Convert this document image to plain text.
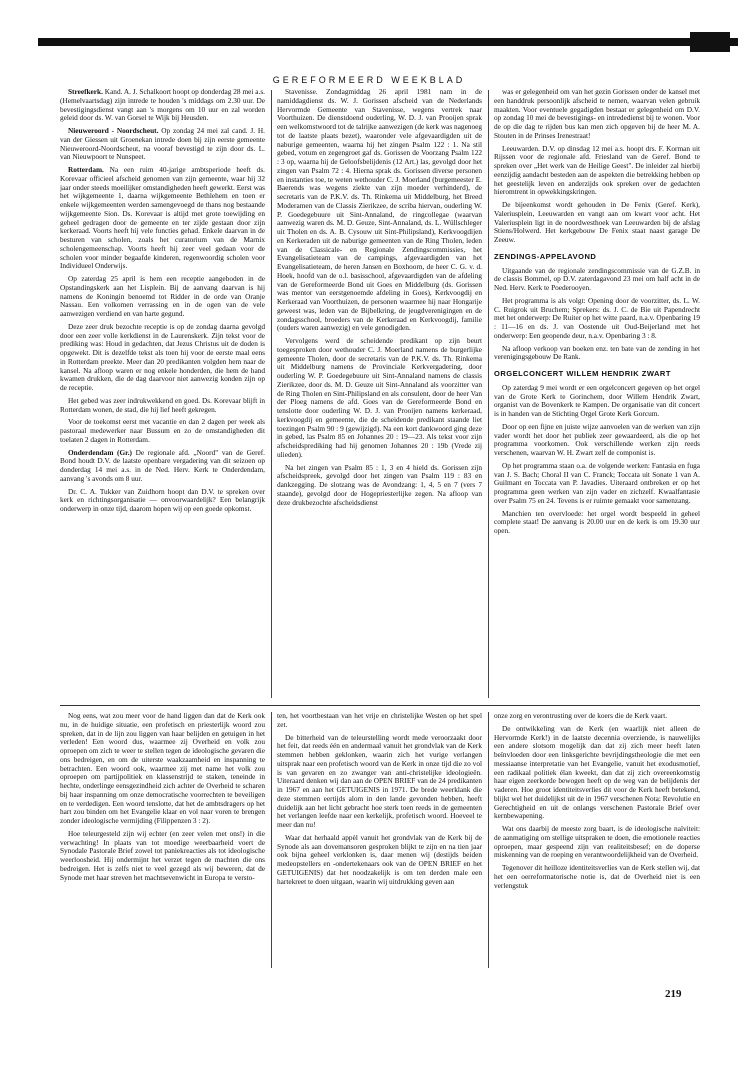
GEREFORMEERD WEEKBLAD

Streefkerk. Kand. A. J. Schalkoort hoopt op donderdag 28 mei a.s. (Hemelvaartsdag) zijn intrede te houden 's middags om 2.30 uur. De bevestigingsdienst vangt aan 's morgens om 10 uur en zal worden geleid door ds. W. van Gorsel te Wijk bij Heusden.

Nieuweroord - Noordscheut. Op zondag 24 mei zal cand. J. H. van der Giessen uit Groenekan intrede doen bij zijn eerste gemeente Nieuweroord-Noordscheut, na vooraf bevestigd te zijn door ds. L. van Nieuwpoort te Nunspeet.

Rotterdam. Na een ruim 40-jarige ambtsperiode heeft ds. Korevaar officieel afscheid genomen van zijn gemeente, waar hij 32 jaar onder steeds moeilijker omstandigheden heeft gewerkt. Eerst was het wijkgemeente 1, daarna wijkgemeente Bethlehem en toen er enkele wijkgemeenten werden samengevoegd de thans nog bestaande wijkgemeente Sion. Ds. Korevaar is altijd met grote toewijding en geheel gedragen door de gemeente en ter zijde gestaan door zijn kerkeraad. Voorts heeft hij vele functies gehad. Enkele daarvan in de besturen van scholen, zoals het curatorium van de Marnix scholengemeenschap. Voorts heeft hij zeer veel gedaan voor de scholen voor minder begaafde kinderen, regenwoordig scholen voor Individueel Onderwijs.

Op zaterdag 25 april is hem een receptie aangeboden in de Opstandingskerk aan het Lisplein. Bij de aanvang daarvan is hij namens de Koningin benoemd tot Ridder in de orde van Oranje Nassau. Een volkomen verrassing en in de ogen van de vele aanwezigen verdiend en van harte gegund.

Deze zeer druk bezochte receptie is op de zondag daarna gevolgd door een zeer volle kerkdienst in de Laurenskerk. Zijn tekst voor de prediking was: Houd in gedachten, dat Jezus Christus uit de doden is opgewekt. Dit is dezelfde tekst als toen hij voor de eerste maal eens in Rotterdam preekte. Meer dan 20 predikanten volgden hem naar de kansel. Na afloop waren er nog enkele honderden, die hem de hand kwamen drukken, die de dag daarvoor niet aanwezig konden zijn op de receptie.

Het gebed was zeer indrukwekkend en goed. Ds. Korevaar blijft in Rotterdam wonen, de stad, die hij lief heeft gekregen.

Voor de toekomst eerst met vacantie en dan 2 dagen per week als pastoraal medewerker naar Bussum en zo de omstandigheden dit toelaten 2 dagen in Rotterdam.

Onderdendam (Gr.) De regionale afd. „Noord" van de Geref. Bond houdt D.V. de laatste openbare vergadering van dit seizoen op donderdag 14 mei a.s. in de Ned. Herv. Kerk te Onderdendam, aanvang 's avonds om 8 uur.

Dr. C. A. Tukker van Zuidhorn hoopt dan D.V. te spreken over kerk en richtingsorganisatie — onvoorwaardelijk? Een belangrijk onderwerp in onze tijd, daarom hopen wij op een goede opkomst.

Stavenisse. Zondagmiddag 26 april 1981 nam in de namiddagdienst ds. W. J. Gorissen afscheid van de Nederlands Hervormde Gemeente van Stavenisse, wegens vertrek naar Voorthuizen. De dienstdoend ouderling, W. D. J. van Prooijen sprak een welkomstwoord tot de talrijke aanwezigen (de kerk was nagenoeg tot de laatste plaats bezet), waaronder vele afgevaardigden uit de naburige gemeenten, waarna hij het zingen Psalm 122 : 1. Na stil gebed, votum en zegengroet gaf ds. Gorissen de Voorzang Psalm 122 : 3 op, waarna hij de Geloofsbelijdenis (12 Art.) las, gevolgd door het zingen van Psalm 72 : 4. Hierna sprak ds. Gorissen diverse personen en instanties toe, te weten wethouder C. J. Moerland (burgemeester E. Baerends was wegens ziekte van zijn moeder verhinderd), de secretaris van de P.K.V. ds. Th. Rinkema uit Middelburg, het Breed Moderamen van de Classis Zierikzee, de scriba hiervan, ouderling W. P. Goedegebuure uit Sint-Annaland, de ringcollegae (waarvan aanwezig waren ds. M. D. Geuze, Sint-Annaland, ds. L. Wüllschleger uit Tholen en ds. A. B. Cysouw uit Sint-Philipsland), Kerkvoogdijen en Kerkeraden uit de naburige gemeenten van de Ring Tholen, leden van de Classicale- en Regionale Zendingscommissies, het Evangelisatieteam van de campings, afgevaardigden van het Evangelisatieteam, de heren Jansen en Boxhoorn, de heer C. G. v. d. Hoek, hoofd van de o.l. basisschool, afgevaardigden van de afdeling van de Gereformeerde Bond uit Goes en Middelburg (ds. Gorissen was mentor van eerstgenoemde afdeling in Goes), Kerkvoogdij en Kerkeraad van Voorthuizen, de personen waarmee hij naar Hongarije geweest was, leden van de Bijbelkring, de jeugdverenigingen en de zondagsschool, broeders van de Kerkeraad en Kerkvoogdij, familie (ouders waren aanwezig) en vele genodigden.

Vervolgens werd de scheidende predikant op zijn beurt toegesproken door wethouder C. J. Moerland namens de burgerlijke gemeente Tholen, door de secretaris van de P.K.V. ds. Th. Rinkema uit Middelburg namens de Provinciale Kerkvergadering, door ouderling W. P. Goedegebuure uit Sint-Annaland namens de classis Zierikzee, door ds. M. D. Geuze uit Sint-Annaland als voorzitter van de Ring Tholen en Sint-Philipsland en als consulent, door de heer Van der Ploeg namens de afd. Goes van de Gereformeerde Bond en tenslotte door ouderling W. D. J. van Prooijen namens kerkeraad, kerkvoogdij en gemeente, die de scheidende predikant staande liet toezingen Psalm 90 : 9 (gewijzigd). Na een kort dankwoord ging deze in gebed, las Psalm 85 en Johannes 20 : 19—23. Als tekst voor zijn afscheidsprediking had hij genomen Johannes 20 : 19b (Vrede zij ulieden).

Na het zingen van Psalm 85 : 1, 3 en 4 hield ds. Gorissen zijn afscheidspreek, gevolgd door het zingen van Psalm 119 : 83 en dankzegging. De slotzang was de Avondzang: 1, 4, 5 en 7 (vers 7 staande), gevolgd door de Hogepriesterlijke zegen. Na afloop van deze drukbezochte afscheidsdienst

was er gelegenheid om van het gezin Gorissen onder de kansel met een handdruk persoonlijk afscheid te nemen, waarvan velen gebruik maakten. Voor eventuele gegadigden bestaat er gelegenheid om D.V. op zondag 10 mei de bevestigings- en intrededienst bij te wonen. Voor de op die dag te rijden bus kan men zich opgeven bij de heer M. A. Stouten in de Prinses Irenestraat!

Leeuwarden. D.V. op dinsdag 12 mei a.s. hoopt drs. F. Korman uit Rijssen voor de regionale afd. Friesland van de Geref. Bond te spreken over „Het werk van de Heilige Geest". De inleider zal hierbij eenzijdig aandacht besteden aan de aspekten die betrekking hebben op het geestelijk leven en anderzijds ook spreken over de gedachten hieromtrent in opwekkingskringen.

De bijeenkomst wordt gehouden in De Fenix (Geref. Kerk), Valeriusplein, Leeuwarden en vangt aan om kwart voor acht. Het Valeriusplein ligt in de noordwesthoek van Leeuwarden bij de afslag Stiens/Holwerd. Het kerkgebouw De Fenix staat naast garage De Zeeuw.

ZENDINGS-APPELAVOND

Uitgaande van de regionale zendingscommissie van de G.Z.B. in de classis Bommel, op D.V. zaterdagavond 23 mei om half acht in de Ned. Herv. Kerk te Poederooyen.

Het programma is als volgt: Opening door de voorzitter, ds. L. W. C. Ruigrok uit Bruchem; Sprekers: ds. J. C. de Bie uit Papendrecht met het onderwerp: De Ruiter op het witte paard, n.a.v. Openbaring 19 : 11—16 en ds. J. van Oostende uit Oud-Beijerland met het onderwerp: Een geopende deur, n.a.v. Openbaring 3 : 8.

Na afloop verkoop van boeken enz. ten bate van de zending in het verenigingsgebouw De Rank.

ORGELCONCERT WILLEM HENDRIK ZWART

Op zaterdag 9 mei wordt er een orgelconcert gegeven op het orgel van de Grote Kerk te Gorinchem, door Willem Hendrik Zwart, organist van de Bovenkerk te Kampen. De organisatie van dit concert is in handen van de Stichting Orgel Grote Kerk Gorcum.

Door op een fijne en juiste wijze aanvoelen van de werken van zijn vader wordt het door het publiek zeer gewaardeerd, als die op het programma voorkomen. Ook verschillende werken zijn reeds verschenen, waarvan W. H. Zwart zelf de componist is.

Op het programma staan o.a. de volgende werken: Fantasia en fuga van J. S. Bach; Choral II van C. Franck; Toccata uit Sonate 1 van A. Guilmant en Toccata van P. Javadies. Uiteraard ontbreken er op het programma geen werken van zijn vader en zichzelf. Kwaalfantasie over Psalm 75 en 24. Tevens is er ruimte gemaakt voor samenzang.

Manchien ten overvloede: het orgel wordt bespeeld in geheel complete staat! De aanvang is 20.00 uur en de kerk is om 19.30 uur open.

Nog eens, wat zou meer voor de hand liggen dan dat de Kerk ook nu, in de huidige situatie, een profetisch en priesterlijk woord zou spreken, dat in de lijn zou liggen van haar belijden en getuigen in het verleden! Een woord dus, waarmee zij Overheid en volk zou oproepen om zich te weer te stellen tegen de ideologische gevaren die ons bedreigen, en om de uiterste waakzaamheid en inspanning te betrachten. Een woord ook, waarmee zij met name het volk zou oproepen om partijpolitiek en klassenstrijd te staken, teneinde in hechte, onderlinge eensgezindheid zich achter de Overheid te scharen bij haar inspanning om onze democratische voorrechten te beveiligen en te verdedigen. Een woord tenslotte, dat het de ambtsdragers op het hart zou binden om het Evangelie klaar en vol naar voren te brengen zonder ideologische vermijding (Filippenzen 3 : 2).

Hoe teleurgesteld zijn wij echter (en zeer velen met ons!) in die verwachting! In plaats van tot moedige weerbaarheid voert de Synodale Pastorale Brief zowel tot paniekreacties als tot ideologische weerloosheid. Hij ondermijnt het verzet tegen de machten die ons bedreigen. Het is zelfs niet te veel gezegd als wij beweren, dat de Synode met haar streven het machtsevenwicht in Europa te versto-

ten, het voortbestaan van het vrije en christelijke Westen op het spel zet.

De bitterheid van de teleurstelling wordt mede veroorzaakt door het feit, dat reeds één en andermaal vanuit het grondvlak van de Kerk stemmen hebben geklonken, waarin zich het vurige verlangen uitsprak naar een profetisch woord van de Kerk in onze tijd die zo vol is van gevaren en zo zwanger van anti-christelijke ideologieën. Uiteraard denken wij dan aan de OPEN BRIEF van de 24 predikanten in 1967 en aan het GETUIGENIS in 1971. De brede weerklank die deze stemmen eertijds alom in den lande gevonden hebben, heeft duidelijk aan het licht gebracht hoe sterk toen reeds in de gemeenten het verlangen leefde naar een kerkelijk, profetisch woord. Hoeveel te meer dan nu!

Waar dat herhaald appèl vanuit het grondvlak van de Kerk bij de Synode als aan dovemansoren gesproken blijkt te zijn en na tien jaar ook bijna geheel verklonken is, daar menen wij (destijds beiden medeopstellers en -ondertekenaars ook van de OPEN BRIEF en het GETUIGENIS) dat het noodzakelijk is om ten derden male een hartekreet te doen uitgaan, waarin wij uitdrukking geven aan

onze zorg en verontrusting over de koers die de Kerk vaart.

De ontwikkeling van de Kerk (en waarlijk niet alleen de Hervormde Kerk!) in de laatste decennia overziende, is nauwelijks een andere slotsom mogelijk dan dat zij zich meer heeft laten beïnvloeden door een linksgerichte bevrijdingstheologie die met een messiaanse interpretatie van het Evangelie, vanuit het exodusmotief, een radikaal politiek élan kweekt, dan dat zij zich overeenkomstig haar eigen zeerkorde bewogen heeft op de weg van de belijdenis der vaderen. Hoe groot identiteitsverlies dit voor de Kerk heeft betekend, blijkt wel het duidelijkst uit de in 1967 verschenen Nota: Revolutie en Gerechtigheid en uit de onlangs verschenen Pastorale Brief over kernbewapening.

Wat ons daarbij de meeste zorg baart, is de ideologische naïviteit: de aanmatiging om stellige uitspraken te doen, die emotionele reacties oproepen, maar gespeend zijn van realiteitsbesef; en de doperse miskenning van de roeping en verantwoordelijkheid van de Overheid.

Tegenover dit heilloze identiteitsverlies van de Kerk stellen wij, dat het een oerreformatorische notie is, dat de Overheid niet is een verlengstuk

219
